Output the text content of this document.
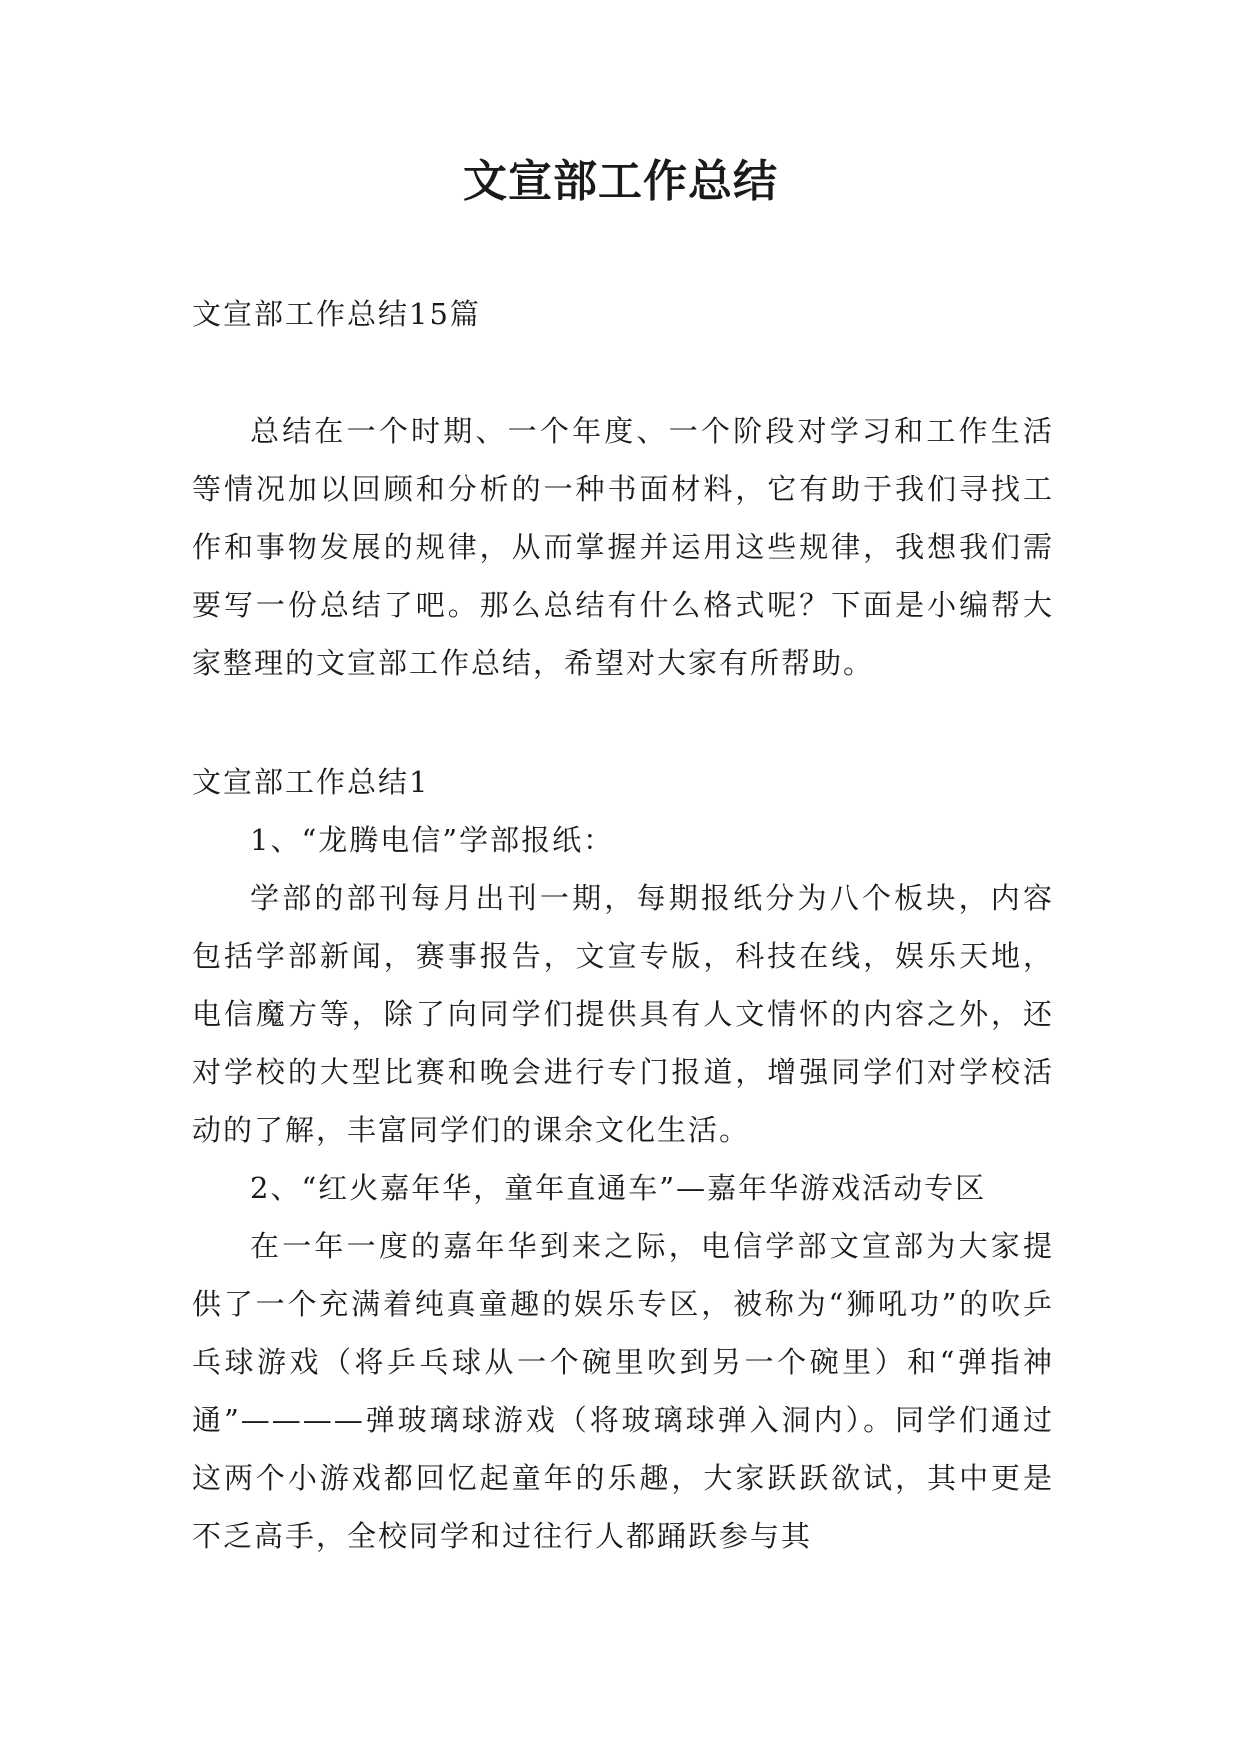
文宣部工作总结
文宣部工作总结15篇

总结在一个时期、一个年度、一个阶段对学习和工作生活等情况加以回顾和分析的一种书面材料，它有助于我们寻找工作和事物发展的规律，从而掌握并运用这些规律，我想我们需要写一份总结了吧。那么总结有什么格式呢？下面是小编帮大家整理的文宣部工作总结，希望对大家有所帮助。

文宣部工作总结1

1、“龙腾电信”学部报纸：

学部的部刊每月出刊一期，每期报纸分为八个板块，内容包括学部新闻，赛事报告，文宣专版，科技在线，娱乐天地，电信魔方等，除了向同学们提供具有人文情怀的内容之外，还对学校的大型比赛和晚会进行专门报道，增强同学们对学校活动的了解，丰富同学们的课余文化生活。

2、“红火嘉年华，童年直通车”—嘉年华游戏活动专区

在一年一度的嘉年华到来之际，电信学部文宣部为大家提供了一个充满着纯真童趣的娱乐专区，被称为“狮吼功”的吹乒乓球游戏（将乒乓球从一个碗里吹到另一个碗里）和“弹指神通”————弹玻璃球游戏（将玻璃球弹入洞内）。同学们通过这两个小游戏都回忆起童年的乐趣，大家跃跃欲试，其中更是不乏高手，全校同学和过往行人都踊跃参与其
